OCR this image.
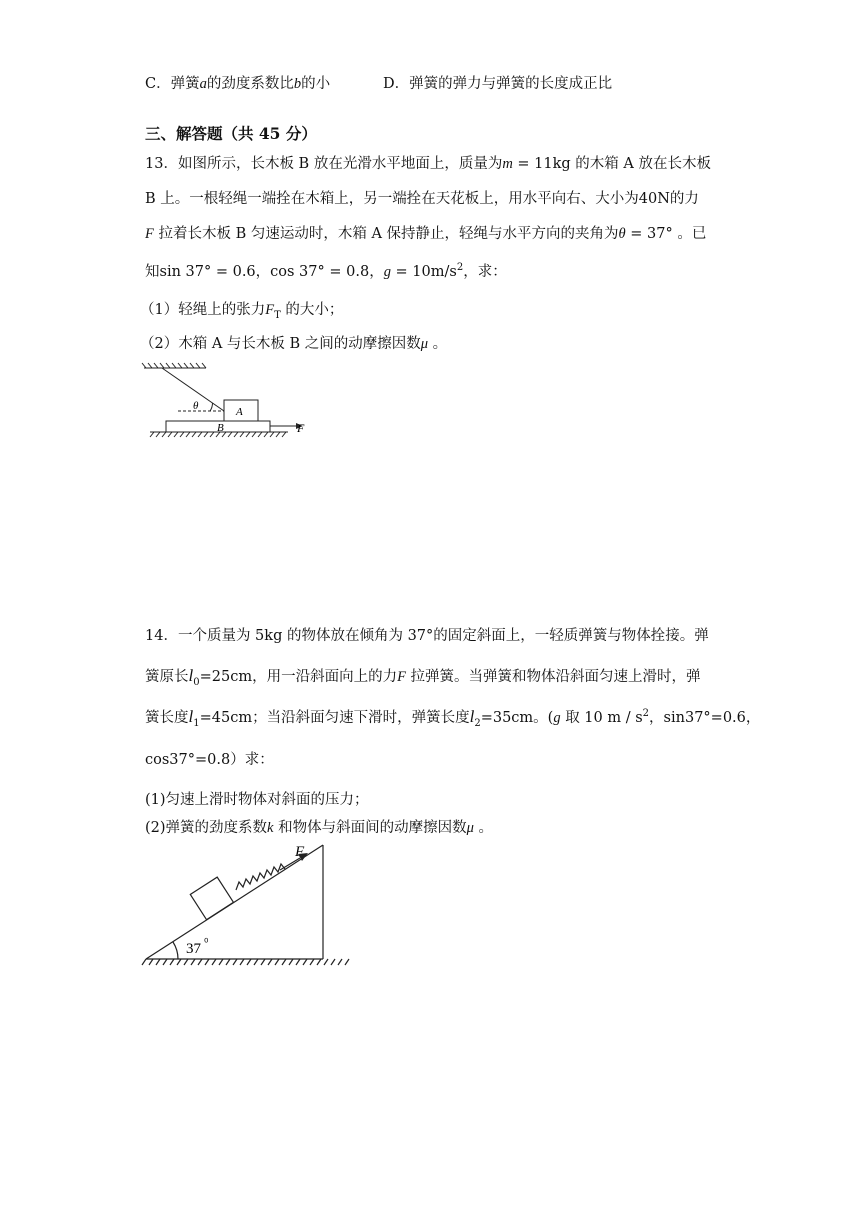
C．弹簧a的劲度系数比b的小	D．弹簧的弹力与弹簧的长度成正比
三、解答题（共 45 分）
13．如图所示，长木板 B 放在光滑水平地面上，质量为m = 11kg 的木箱 A 放在长木板
B 上。一根轻绳一端拴在木箱上，另一端拴在天花板上，用水平向右、大小为40N的力
F 拉着长木板 B 匀速运动时，木箱 A 保持静止，轻绳与水平方向的夹角为θ = 37° 。已
知sin 37° = 0.6，cos 37° = 0.8，$g = 10m/s^2$，求：
（1）轻绳上的张力$F_T$ 的大小；
（2）木箱 A 与长木板 B 之间的动摩擦因数μ 。
θ	A
B	F
14．一个质量为 5kg 的物体放在倾角为 37°的固定斜面上，一轻质弹簧与物体拴接。弹
簧原长$l_0=25cm$，用一沿斜面向上的力F 拉弹簧。当弹簧和物体沿斜面匀速上滑时，弹
簧长度$l_1=45cm$；当沿斜面匀速下滑时，弹簧长度$l_2=35cm$。(g 取 10 m / $s^2$，sin37°=0.6，
cos37°=0.8）求：
(1)匀速上滑时物体对斜面的压力；
(2)弹簧的劲度系数k 和物体与斜面间的动摩擦因数μ 。
F
37 ⁰
